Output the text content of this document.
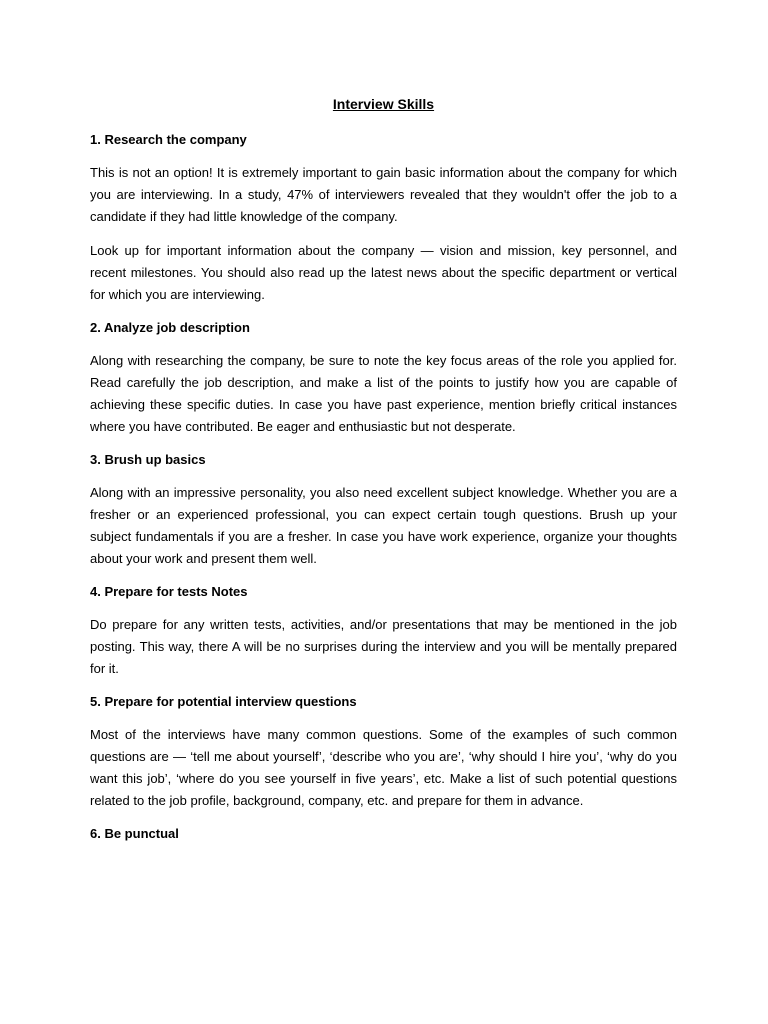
Interview Skills
1. Research the company

This is not an option! It is extremely important to gain basic information about the company for which you are interviewing. In a study, 47% of interviewers revealed that they wouldn't offer the job to a candidate if they had little knowledge of the company.

Look up for important information about the company — vision and mission, key personnel, and recent milestones. You should also read up the latest news about the specific department or vertical for which you are interviewing.

2. Analyze job description

Along with researching the company, be sure to note the key focus areas of the role you applied for. Read carefully the job description, and make a list of the points to justify how you are capable of achieving these specific duties. In case you have past experience, mention briefly critical instances where you have contributed. Be eager and enthusiastic but not desperate.

3. Brush up basics

Along with an impressive personality, you also need excellent subject knowledge. Whether you are a fresher or an experienced professional, you can expect certain tough questions. Brush up your subject fundamentals if you are a fresher. In case you have work experience, organize your thoughts about your work and present them well.

4. Prepare for tests Notes

Do prepare for any written tests, activities, and/or presentations that may be mentioned in the job posting. This way, there A will be no surprises during the interview and you will be mentally prepared for it.

5. Prepare for potential interview questions

Most of the interviews have many common questions. Some of the examples of such common questions are — ‘tell me about yourself’, ‘describe who you are’, ‘why should I hire you’, ‘why do you want this job’, ‘where do you see yourself in five years’, etc. Make a list of such potential questions related to the job profile, background, company, etc. and prepare for them in advance.

6. Be punctual
